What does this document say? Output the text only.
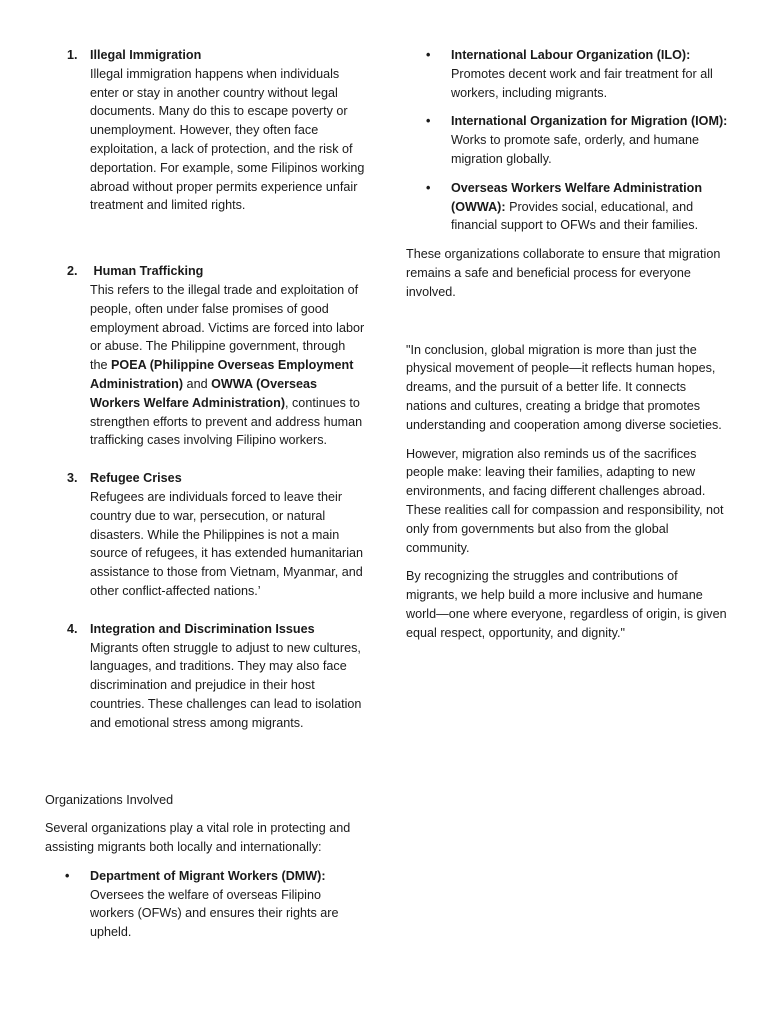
1. Illegal Immigration

Illegal immigration happens when individuals enter or stay in another country without legal documents. Many do this to escape poverty or unemployment. However, they often face exploitation, a lack of protection, and the risk of deportation. For example, some Filipinos working abroad without proper permits experience unfair treatment and limited rights.

2. Human Trafficking

This refers to the illegal trade and exploitation of people, often under false promises of good employment abroad. Victims are forced into labor or abuse. The Philippine government, through the POEA (Philippine Overseas Employment Administration) and OWWA (Overseas Workers Welfare Administration), continues to strengthen efforts to prevent and address human trafficking cases involving Filipino workers.

3. Refugee Crises

Refugees are individuals forced to leave their country due to war, persecution, or natural disasters. While the Philippines is not a main source of refugees, it has extended humanitarian assistance to those from Vietnam, Myanmar, and other conflict-affected nations.’

4. Integration and Discrimination Issues

Migrants often struggle to adjust to new cultures, languages, and traditions. They may also face discrimination and prejudice in their host countries. These challenges can lead to isolation and emotional stress among migrants.

Organizations Involved

Several organizations play a vital role in protecting and assisting migrants both locally and internationally:

• Department of Migrant Workers (DMW):

Oversees the welfare of overseas Filipino workers (OFWs) and ensures their rights are upheld.

• International Labour Organization (ILO):

Promotes decent work and fair treatment for all workers, including migrants.

• International Organization for Migration (IOM):

Works to promote safe, orderly, and humane migration globally.

• Overseas Workers Welfare Administration (OWWA): Provides social, educational, and financial support to OFWs and their families.

These organizations collaborate to ensure that migration remains a safe and beneficial process for everyone involved.

"In conclusion, global migration is more than just the physical movement of people—it reflects human hopes, dreams, and the pursuit of a better life. It connects nations and cultures, creating a bridge that promotes understanding and cooperation among diverse societies.

However, migration also reminds us of the sacrifices people make: leaving their families, adapting to new environments, and facing different challenges abroad. These realities call for compassion and responsibility, not only from governments but also from the global community.

By recognizing the struggles and contributions of migrants, we help build a more inclusive and humane world—one where everyone, regardless of origin, is given equal respect, opportunity, and dignity."
